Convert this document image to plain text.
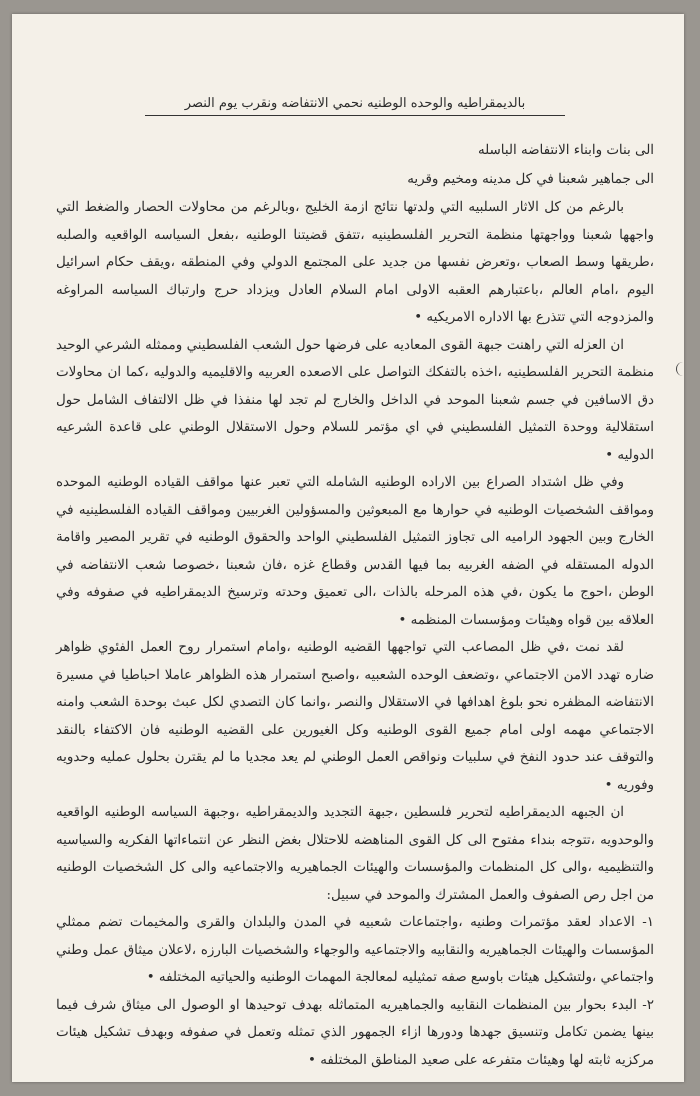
بالديمقراطيه والوحده الوطنيه نحمي الانتفاضه ونقرب يوم النصر

الى بنات وابناء الانتفاضه الباسله

الى جماهير شعبنا في كل مدينه ومخيم وقريه

بالرغم من كل الاثار السلبيه التي ولدتها نتائج ازمة الخليج ،وبالرغم من محاولات الحصار والضغط التي واجهها شعبنا وواجهتها منظمة التحرير الفلسطينيه ،تتفق قضيتنا الوطنيه ،بفعل السياسه الواقعيه والصلبه ،طريقها وسط الصعاب ،وتعرض نفسها من جديد على المجتمع الدولي وفي المنطقه ،ويقف حكام اسرائيل اليوم ،امام العالم ،باعتبارهم العقبه الاولى امام السلام العادل ويزداد حرج وارتباك السياسه المراوغه والمزدوجه التي تتذرع بها الاداره الامريكيه •

ان العزله التي راهنت جبهة القوى المعاديه على فرضها حول الشعب الفلسطيني وممثله الشرعي الوحيد منظمة التحرير الفلسطينيه ،اخذه بالتفكك التواصل على الاصعده العربيه والاقليميه والدوليه ،كما ان محاولات دق الاسافين في جسم شعبنا الموحد في الداخل والخارج لم تجد لها منفذا في ظل الالتفاف الشامل حول استقلالية ووحدة التمثيل الفلسطيني في اي مؤتمر للسلام وحول الاستقلال الوطني على قاعدة الشرعيه الدوليه •

وفي ظل اشتداد الصراع بين الاراده الوطنيه الشامله التي تعبر عنها مواقف القياده الوطنيه الموحده ومواقف الشخصيات الوطنيه في حوارها مع المبعوثين والمسؤولين الغربيين ومواقف القياده الفلسطينيه في الخارج وبين الجهود الراميه الى تجاوز التمثيل الفلسطيني الواحد والحقوق الوطنيه في تقرير المصير واقامة الدوله المستقله في الضفه الغربيه بما فيها القدس وقطاع غزه ،فان شعبنا ،خصوصا شعب الانتفاضه في الوطن ،احوج ما يكون ،في هذه المرحله بالذات ،الى تعميق وحدته وترسيخ الديمقراطيه في صفوفه وفي العلاقه بين قواه وهيئات ومؤسسات المنظمه •

لقد نمت ،في ظل المصاعب التي تواجهها القضيه الوطنيه ،وامام استمرار روح العمل الفئوي ظواهر ضاره تهدد الامن الاجتماعي ،وتضعف الوحده الشعبيه ،واصبح استمرار هذه الظواهر عاملا احباطيا في مسيرة الانتفاضه المظفره نحو بلوغ اهدافها في الاستقلال والنصر ،وانما كان التصدي لكل عبث بوحدة الشعب وامنه الاجتماعي مهمه اولى امام جميع القوى الوطنيه وكل الغيورين على القضيه الوطنيه فان الاكتفاء بالنقد والتوقف عند حدود النفخ في سلبيات ونواقص العمل الوطني لم يعد مجديا ما لم يقترن بحلول عمليه وحدويه وفوريه •

ان الجبهه الديمقراطيه لتحرير فلسطين ،جبهة التجديد والديمقراطيه ،وجبهة السياسه الوطنيه الواقعيه والوحدويه ،تتوجه بنداء مفتوح الى كل القوى المناهضه للاحتلال بغض النظر عن انتماءاتها الفكريه والسياسيه والتنظيميه ،والى كل المنظمات والمؤسسات والهيئات الجماهيريه والاجتماعيه والى كل الشخصيات الوطنيه من اجل رص الصفوف والعمل المشترك والموحد في سبيل:

١- الاعداد لعقد مؤتمرات وطنيه ،واجتماعات شعبيه في المدن والبلدان والقرى والمخيمات تضم ممثلي المؤسسات والهيئات الجماهيريه والنقابيه والاجتماعيه والوجهاء والشخصيات البارزه ،لاعلان ميثاق عمل وطني واجتماعي ،ولتشكيل هيئات باوسع صفه تمثيليه لمعالجة المهمات الوطنيه والحياتيه المختلفه •

٢- البدء بحوار بين المنظمات النقابيه والجماهيريه المتماثله بهدف توحيدها او الوصول الى ميثاق شرف فيما بينها يضمن تكامل وتنسيق جهدها ودورها ازاء الجمهور الذي تمثله وتعمل في صفوفه وبهدف تشكيل هيئات مركزيه ثابته لها وهيئات متفرعه على صعيد المناطق المختلفه •
